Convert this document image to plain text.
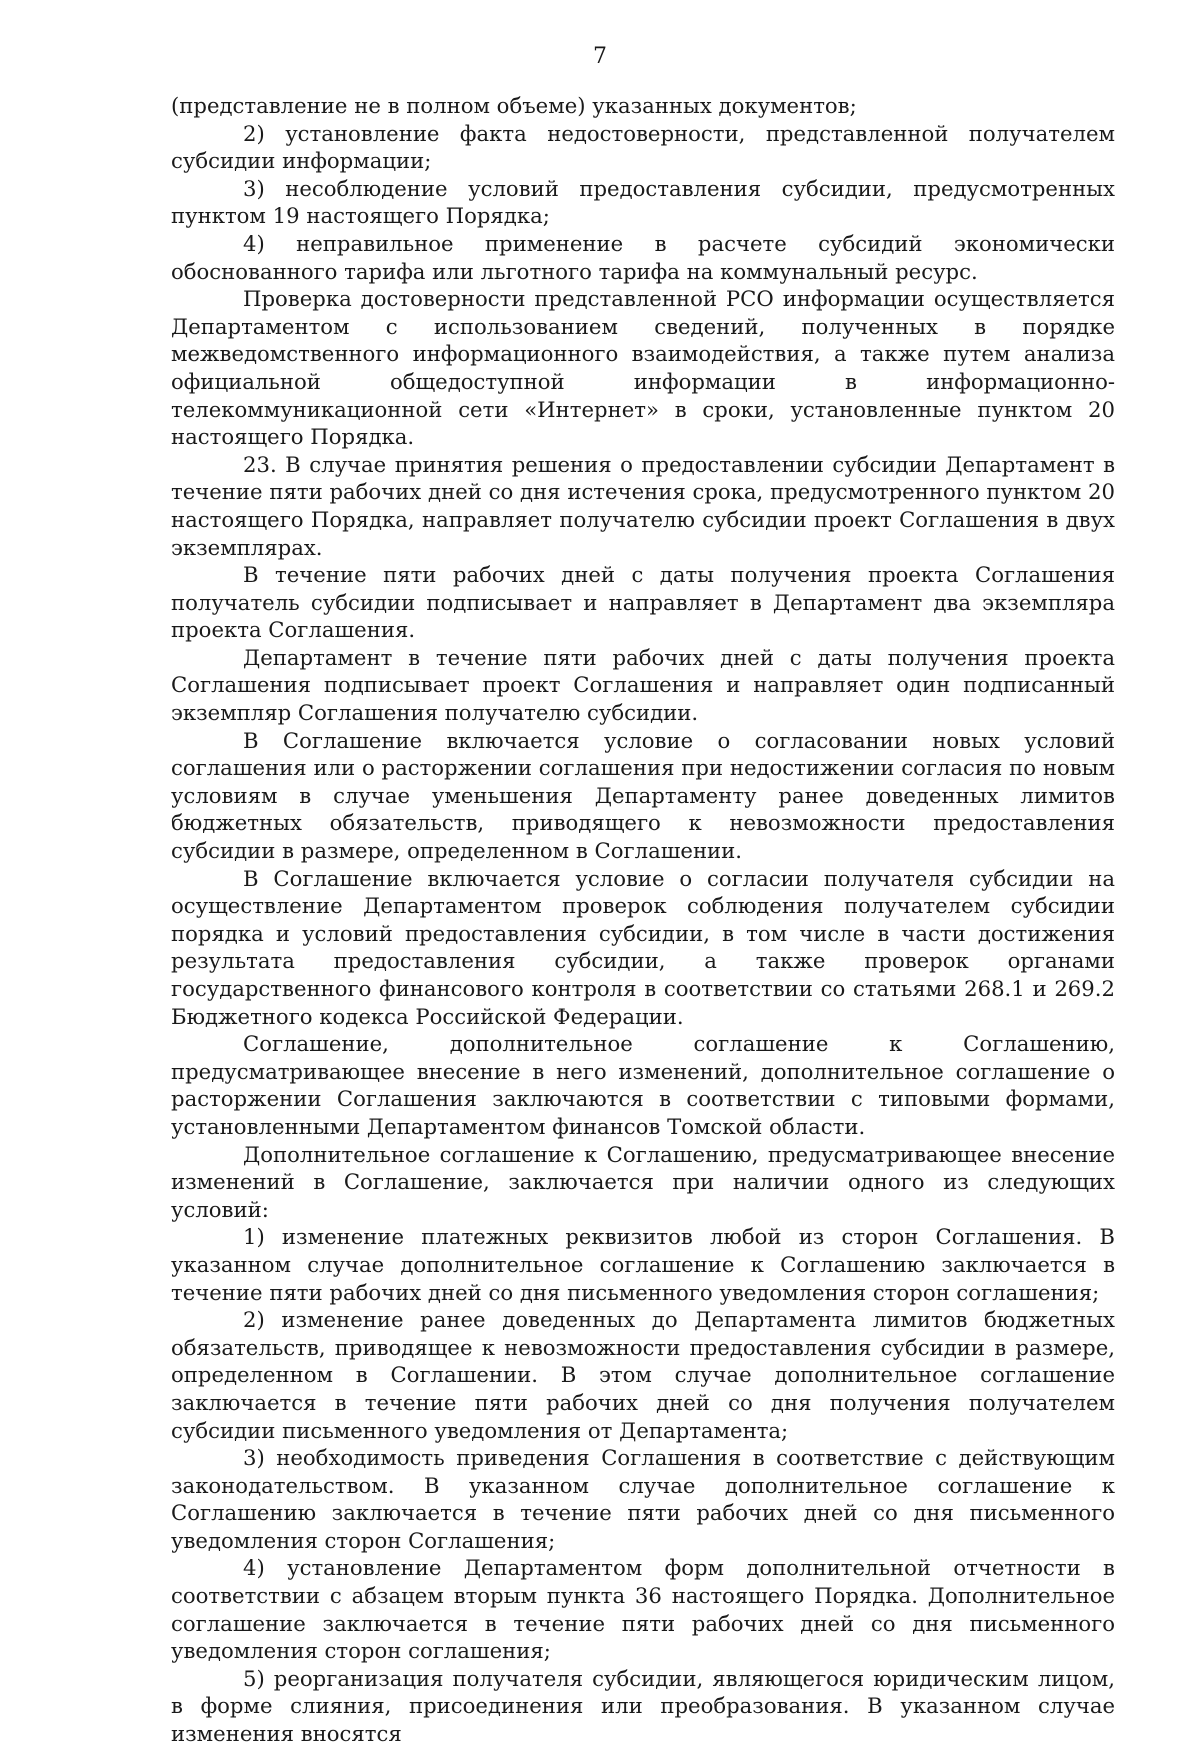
7

(представление не в полном объеме) указанных документов;

2) установление факта недостоверности, представленной получателем субсидии информации;

3) несоблюдение условий предоставления субсидии, предусмотренных пунктом 19 настоящего Порядка;

4) неправильное применение в расчете субсидий экономически обоснованного тарифа или льготного тарифа на коммунальный ресурс.

Проверка достоверности представленной РСО информации осуществляется Департаментом с использованием сведений, полученных в порядке межведомственного информационного взаимодействия, а также путем анализа официальной общедоступной информации в информационно-телекоммуникационной сети «Интернет» в сроки, установленные пунктом 20 настоящего Порядка.

23. В случае принятия решения о предоставлении субсидии Департамент в течение пяти рабочих дней со дня истечения срока, предусмотренного пунктом 20 настоящего Порядка, направляет получателю субсидии проект Соглашения в двух экземплярах.

В течение пяти рабочих дней с даты получения проекта Соглашения получатель субсидии подписывает и направляет в Департамент два экземпляра проекта Соглашения.

Департамент в течение пяти рабочих дней с даты получения проекта Соглашения подписывает проект Соглашения и направляет один подписанный экземпляр Соглашения получателю субсидии.

В Соглашение включается условие о согласовании новых условий соглашения или о расторжении соглашения при недостижении согласия по новым условиям в случае уменьшения Департаменту ранее доведенных лимитов бюджетных обязательств, приводящего к невозможности предоставления субсидии в размере, определенном в Соглашении.

В Соглашение включается условие о согласии получателя субсидии на осуществление Департаментом проверок соблюдения получателем субсидии порядка и условий предоставления субсидии, в том числе в части достижения результата предоставления субсидии, а также проверок органами государственного финансового контроля в соответствии со статьями 268.1 и 269.2 Бюджетного кодекса Российской Федерации.

Соглашение, дополнительное соглашение к Соглашению, предусматривающее внесение в него изменений, дополнительное соглашение о расторжении Соглашения заключаются в соответствии с типовыми формами, установленными Департаментом финансов Томской области.

Дополнительное соглашение к Соглашению, предусматривающее внесение изменений в Соглашение, заключается при наличии одного из следующих условий:

1) изменение платежных реквизитов любой из сторон Соглашения. В указанном случае дополнительное соглашение к Соглашению заключается в течение пяти рабочих дней со дня письменного уведомления сторон соглашения;

2) изменение ранее доведенных до Департамента лимитов бюджетных обязательств, приводящее к невозможности предоставления субсидии в размере, определенном в Соглашении. В этом случае дополнительное соглашение заключается в течение пяти рабочих дней со дня получения получателем субсидии письменного уведомления от Департамента;

3) необходимость приведения Соглашения в соответствие с действующим законодательством. В указанном случае дополнительное соглашение к Соглашению заключается в течение пяти рабочих дней со дня письменного уведомления сторон Соглашения;

4) установление Департаментом форм дополнительной отчетности в соответствии с абзацем вторым пункта 36 настоящего Порядка. Дополнительное соглашение заключается в течение пяти рабочих дней со дня письменного уведомления сторон соглашения;

5) реорганизация получателя субсидии, являющегося юридическим лицом, в форме слияния, присоединения или преобразования. В указанном случае изменения вносятся
